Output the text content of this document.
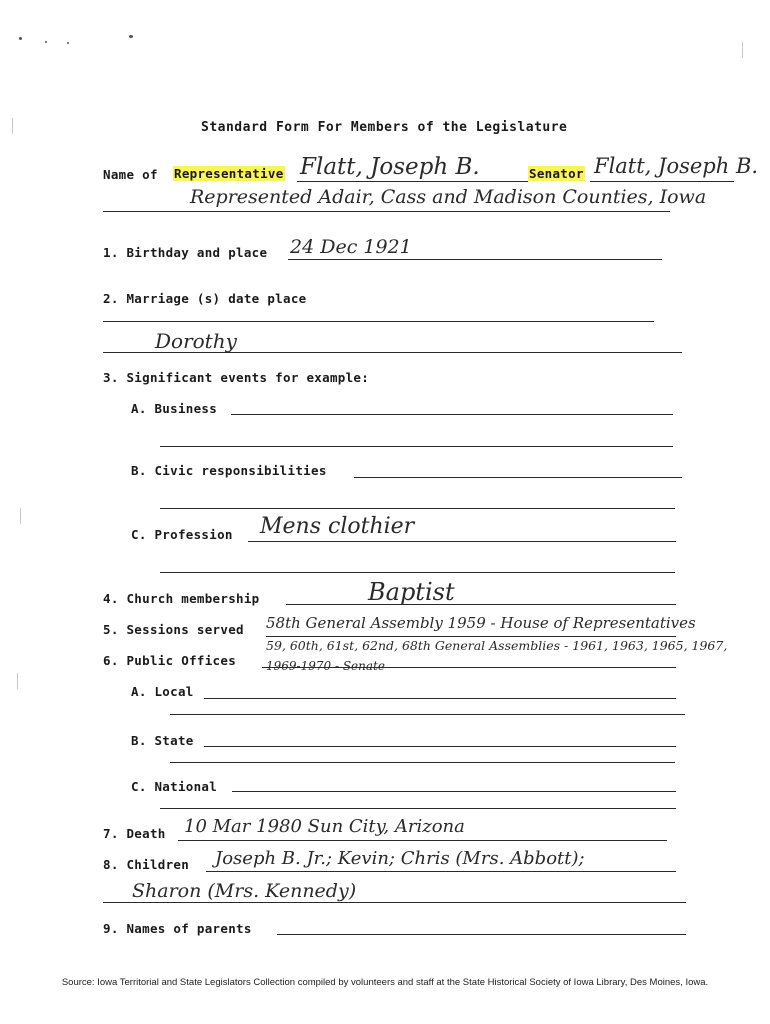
Standard Form For Members of the Legislature
Name of Representative Flatt, Joseph B.	Senator Flatt, Joseph B.
Represented Adair, Cass and Madison Counties, Iowa
1. Birthday and place 24 Dec 1921
2. Marriage (s) date place
Dorothy
3. Significant events for example:
A. Business
B. Civic responsibilities
C. Profession Mens clothier
4. Church membership	Baptist
5. Sessions served 58th General Assembly 1959 - House of Representatives
59, 60th, 61st, 62nd, 68th General Assemblies - 1961, 1963, 1965, 1967,
1969-1970 - Senate
6. Public Offices
A. Local
B. State
C. National
7. Death 10 Mar 1980 Sun City, Arizona
8. Children Joseph B. Jr.; Kevin; Chris (Mrs. Abbott);
Sharon (Mrs. Kennedy)
9. Names of parents
Source: Iowa Territorial and State Legislators Collection compiled by volunteers and staff at the State Historical Society of Iowa Library, Des Moines, Iowa.
